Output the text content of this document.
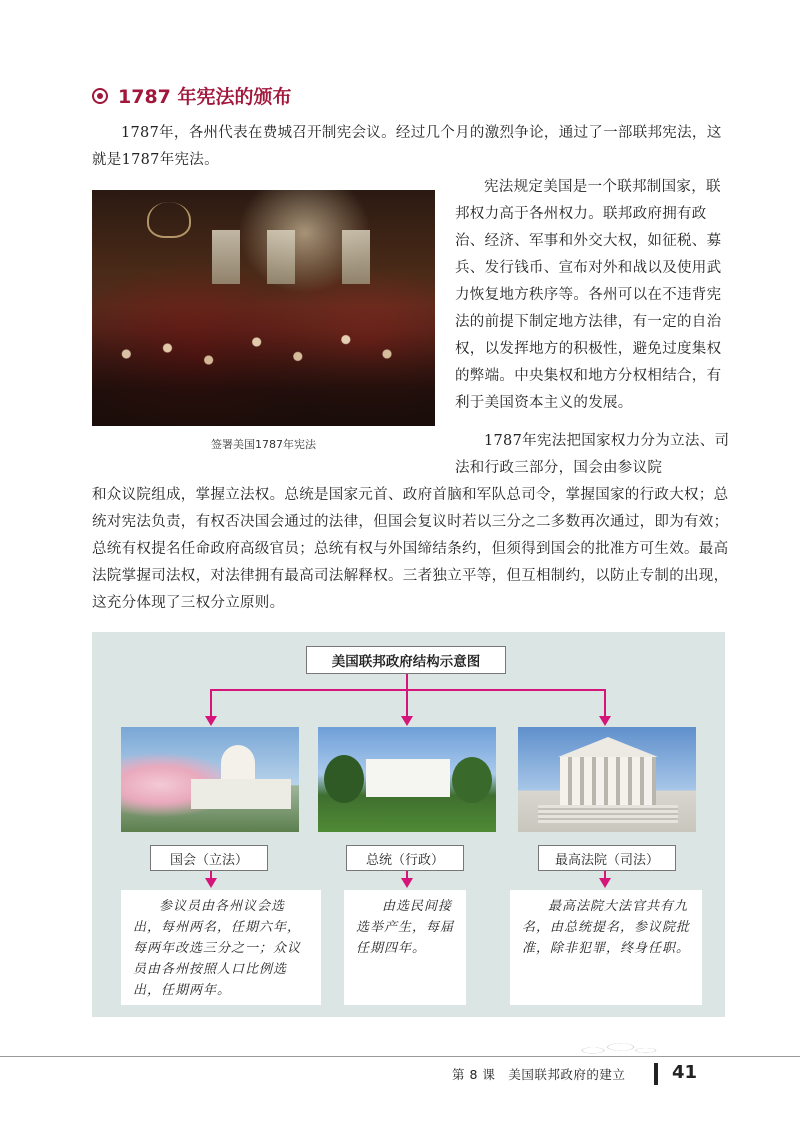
1787 年宪法的颁布

1787年，各州代表在费城召开制宪会议。经过几个月的激烈争论，通过了一部联邦宪法，这就是1787年宪法。

签署美国1787年宪法

宪法规定美国是一个联邦制国家，联邦权力高于各州权力。联邦政府拥有政治、经济、军事和外交大权，如征税、募兵、发行钱币、宣布对外和战以及使用武力恢复地方秩序等。各州可以在不违背宪法的前提下制定地方法律，有一定的自治权，以发挥地方的积极性，避免过度集权的弊端。中央集权和地方分权相结合，有利于美国资本主义的发展。

1787年宪法把国家权力分为立法、司法和行政三部分，国会由参议院

和众议院组成，掌握立法权。总统是国家元首、政府首脑和军队总司令，掌握国家的行政大权；总统对宪法负责，有权否决国会通过的法律，但国会复议时若以三分之二多数再次通过，即为有效；总统有权提名任命政府高级官员；总统有权与外国缔结条约，但须得到国会的批准方可生效。最高法院掌握司法权，对法律拥有最高司法解释权。三者独立平等，但互相制约，以防止专制的出现，这充分体现了三权分立原则。

美国联邦政府结构示意图
国会（立法）	总统（行政）	最高法院（司法）
参议员由各州议会选出，每州两名，任期六年，每两年改选三分之一；众议员由各州按照人口比例选出，任期两年。
由选民间接选举产生，每届任期四年。
最高法院大法官共有九名，由总统提名，参议院批准，除非犯罪，终身任职。
第 8 课　美国联邦政府的建立	41
